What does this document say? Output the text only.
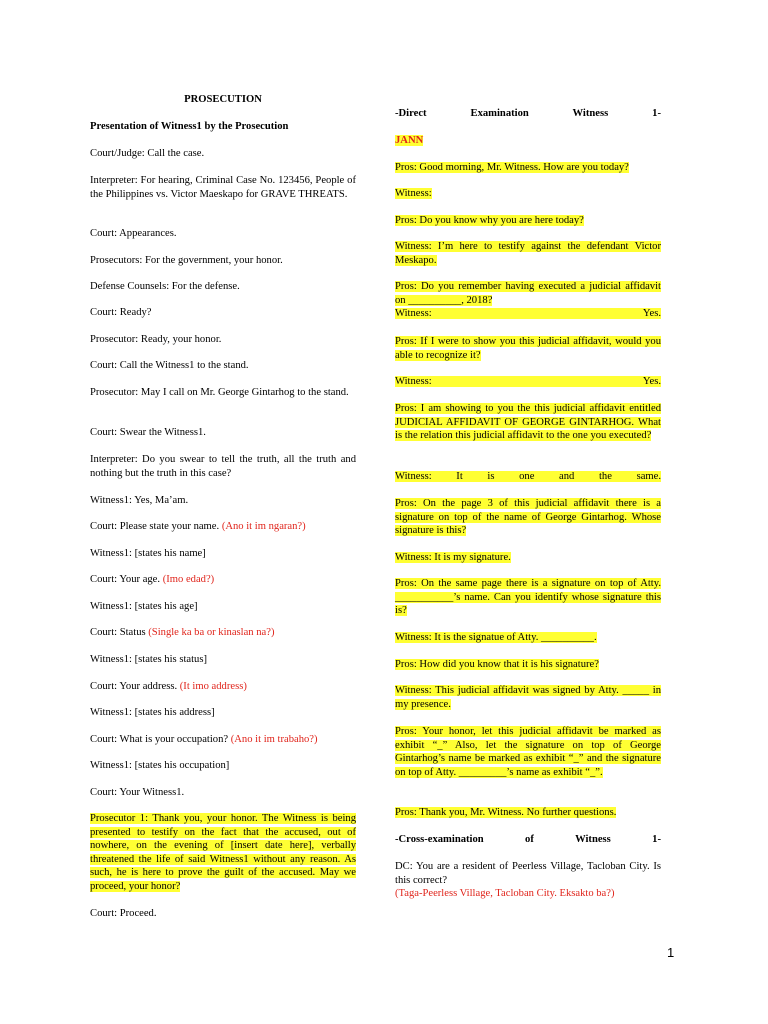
PROSECUTION

Presentation of Witness1 by the Prosecution

Court/Judge: Call the case.

Interpreter: For hearing, Criminal Case No. 123456, People of the Philippines vs. Victor Maeskapo for GRAVE THREATS.

Court: Appearances.

Prosecutors: For the government, your honor.

Defense Counsels: For the defense.

Court: Ready?

Prosecutor: Ready, your honor.

Court: Call the Witness1 to the stand.

Prosecutor: May I call on Mr. George Gintarhog to the stand.

Court: Swear the Witness1.

Interpreter: Do you swear to tell the truth, all the truth and nothing but the truth in this case?

Witness1: Yes, Ma’am.

Court: Please state your name. (Ano it im ngaran?)

Witness1: [states his name]

Court: Your age. (Imo edad?)

Witness1: [states his age]

Court: Status (Single ka ba or kinaslan na?)

Witness1: [states his status]

Court: Your address. (It imo address)

Witness1: [states his address]

Court: What is your occupation? (Ano it im trabaho?)

Witness1: [states his occupation]

Court: Your Witness1.

Prosecutor 1: Thank you, your honor. The Witness is being presented to testify on the fact that the accused, out of nowhere, on the evening of [insert date here], verbally threatened the life of said Witness1 without any reason. As such, he is here to prove the guilt of the accused. May we proceed, your honor?

Court: Proceed.

-Direct Examination Witness 1-

JANN

Pros: Good morning, Mr. Witness. How are you today?

Witness:

Pros: Do you know why you are here today?

Witness: I’m here to testify against the defendant Victor Meskapo.

Pros: Do you remember having executed a judicial affidavit on __________, 2018?

Witness: Yes.

Pros: If I were to show you this judicial affidavit, would you able to recognize it?

Witness: Yes.

Pros: I am showing to you the this judicial affidavit entitled JUDICIAL AFFIDAVIT OF GEORGE GINTARHOG. What is the relation this judicial affidavit to the one you executed?

Witness: It is one and the same.

Pros: On the page 3 of this judicial affidavit there is a signature on top of the name of George Gintarhog. Whose signature is this?

Witness: It is my signature.

Pros: On the same page there is a signature on top of Atty. ___________’s name. Can you identify whose signature this is?

Witness: It is the signatue of Atty. __________.

Pros: How did you know that it is his signature?

Witness: This judicial affidavit was signed by Atty. _____ in my presence.

Pros: Your honor, let this judicial affidavit be marked as exhibit “_” Also, let the signature on top of George Gintarhog’s name be marked as exhibit “_” and the signature on top of Atty. _________’s name as exhibit “_”.

Pros: Thank you, Mr. Witness. No further questions.

-Cross-examination of Witness 1-

DC: You are a resident of Peerless Village, Tacloban City. Is this correct?

(Taga-Peerless Village, Tacloban City. Eksakto ba?)

1
